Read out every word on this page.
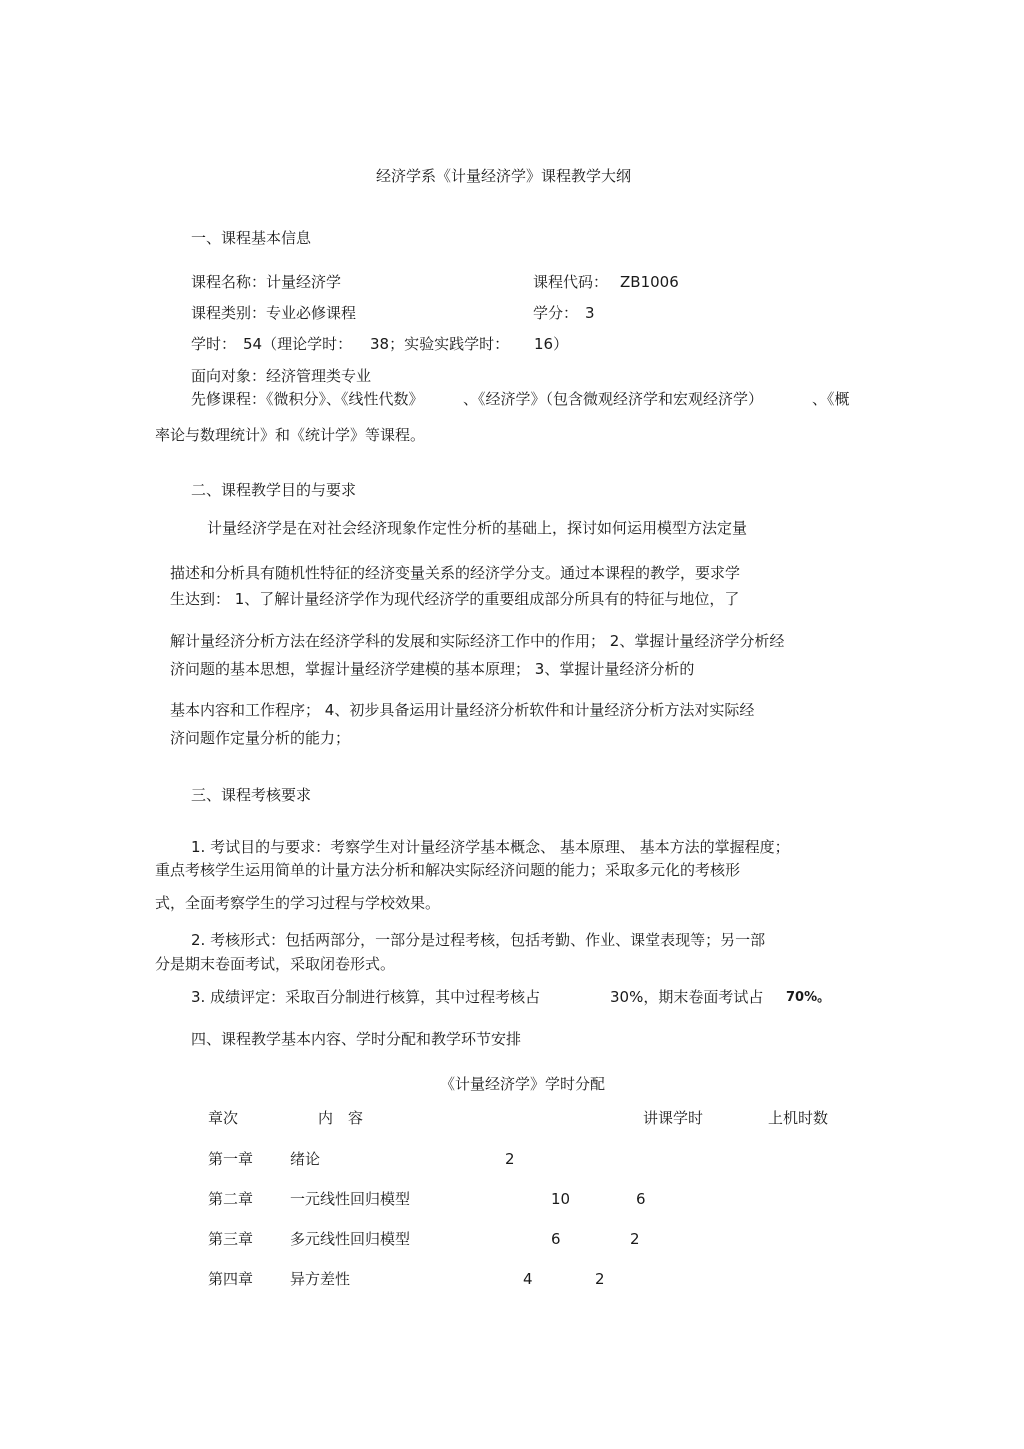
经济学系《计量经济学》课程教学大纲
一、课程基本信息
课程名称：计量经济学	课程代码： ZB1006
课程类别：专业必修课程	学分： 3
学时： 54（理论学时： 38；实验实践学时： 16）
面向对象：经济管理类专业
先修课程：《微积分》、《线性代数》	、《经济学》（包含微观经济学和宏观经济学）	、《概
率论与数理统计》和《统计学》等课程。
二、课程教学目的与要求
计量经济学是在对社会经济现象作定性分析的基础上，探讨如何运用模型方法定量
描述和分析具有随机性特征的经济变量关系的经济学分支。通过本课程的教学，要求学
生达到： 1、了解计量经济学作为现代经济学的重要组成部分所具有的特征与地位，了
解计量经济分析方法在经济学科的发展和实际经济工作中的作用； 2、掌握计量经济学分析经
济问题的基本思想，掌握计量经济学建模的基本原理； 3、掌握计量经济分析的
基本内容和工作程序； 4、初步具备运用计量经济分析软件和计量经济分析方法对实际经
济问题作定量分析的能力；
三、课程考核要求
1. 考试目的与要求：考察学生对计量经济学基本概念、 基本原理、 基本方法的掌握程度；
重点考核学生运用简单的计量方法分析和解决实际经济问题的能力；采取多元化的考核形
式，全面考察学生的学习过程与学校效果。
2. 考核形式：包括两部分，一部分是过程考核，包括考勤、作业、课堂表现等；另一部
分是期末卷面考试，采取闭卷形式。
3. 成绩评定：采取百分制进行核算，其中过程考核占	30%，期末卷面考试占 70%。
四、课程教学基本内容、学时分配和教学环节安排
《计量经济学》学时分配
章次	内　容	讲课学时	上机时数
第一章 绪论	2
第二章 一元线性回归模型	10	6
第三章 多元线性回归模型	6	2
第四章 异方差性	4	2
